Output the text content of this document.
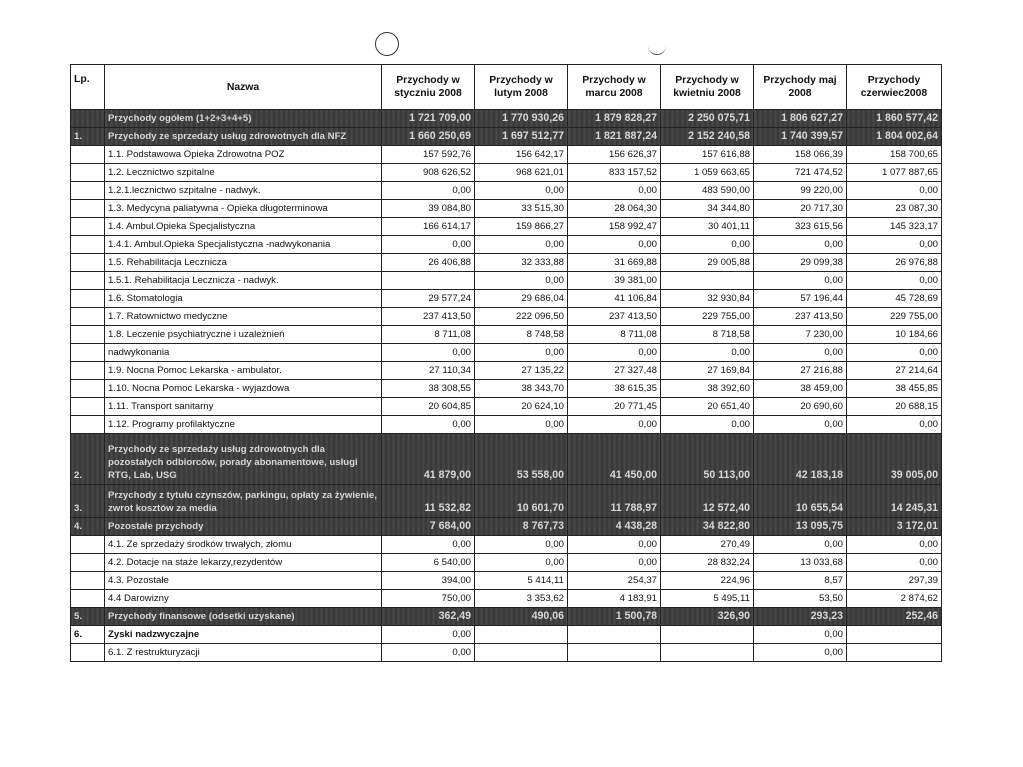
Lp.	Nazwa	Przychody w styczniu 2008	Przychody w lutym 2008	Przychody w marcu 2008	Przychody w kwietniu 2008	Przychody maj 2008	Przychody czerwiec2008
	Przychody ogółem (1+2+3+4+5)	1 721 709,00	1 770 930,26	1 879 828,27	2 250 075,71	1 806 627,27	1 860 577,42
1.	Przychody ze sprzedaży usług zdrowotnych dla NFZ	1 660 250,69	1 697 512,77	1 821 887,24	2 152 240,58	1 740 399,57	1 804 002,64
	1.1. Podstawowa Opieka Zdrowotna POZ	157 592,76	156 642,17	156 626,37	157 616,88	158 066,39	158 700,65
	1.2. Lecznictwo szpitalne	908 626,52	968 621,01	833 157,52	1 059 663,65	721 474,52	1 077 887,65
	1.2.1.lecznictwo szpitalne - nadwyk.	0,00	0,00	0,00	483 590,00	99 220,00	0,00
	1.3. Medycyna paliatywna - Opieka długoterminowa	39 084,80	33 515,30	28 064,30	34 344,80	20 717,30	23 087,30
	1.4. Ambul.Opieka Specjalistyczna	166 614,17	159 866,27	158 992,47	30 401,11	323 615,56	145 323,17
	1.4.1. Ambul.Opieka Specjalistyczna -nadwykonania	0,00	0,00	0,00	0,00	0,00	0,00
	1.5. Rehabilitacja Lecznicza	26 406,88	32 333,88	31 669,88	29 005,88	29 099,38	26 976,88
	1.5.1. Rehabilitacja Lecznicza - nadwyk.		0,00	39 381,00		0,00	0,00
	1.6. Stomatologia	29 577,24	29 686,04	41 106,84	32 930,84	57 196,44	45 728,69
	1.7. Ratownictwo medyczne	237 413,50	222 096,50	237 413,50	229 755,00	237 413,50	229 755,00
	1.8. Leczenie psychiatryczne i uzależnień	8 711,08	8 748,58	8 711,08	8 718,58	7 230,00	10 184,66
	nadwykonania	0,00	0,00	0,00	0,00	0,00	0,00
	1.9. Nocna Pomoc Lekarska - ambulator.	27 110,34	27 135,22	27 327,48	27 169,84	27 216,88	27 214,64
	1.10. Nocna Pomoc Lekarska - wyjazdowa	38 308,55	38 343,70	38 615,35	38 392,60	38 459,00	38 455,85
	1.11. Transport sanitarny	20 604,85	20 624,10	20 771,45	20 651,40	20 690,60	20 688,15
	1.12. Programy profilaktyczne	0,00	0,00	0,00	0,00	0,00	0,00
2.	Przychody ze sprzedaży usług zdrowotnych dla pozostałych odbiorców, porady abonamentowe, usługi RTG, Lab, USG	41 879,00	53 558,00	41 450,00	50 113,00	42 183,18	39 005,00
3.	Przychody z tytułu czynszów, parkingu, opłaty za żywienie, zwrot kosztów za media	11 532,82	10 601,70	11 788,97	12 572,40	10 655,54	14 245,31
4.	Pozostałe przychody	7 684,00	8 767,73	4 438,28	34 822,80	13 095,75	3 172,01
	4.1. Ze sprzedaży środków trwałych, złomu	0,00	0,00	0,00	270,49	0,00	0,00
	4.2. Dotacje na staże lekarzy,rezydentów	6 540,00	0,00	0,00	28 832,24	13 033,68	0,00
	4.3. Pozostałe	394,00	5 414,11	254,37	224,96	8,57	297,39
	4.4 Darowizny	750,00	3 353,62	4 183,91	5 495,11	53,50	2 874,62
5.	Przychody finansowe (odsetki uzyskane)	362,49	490,06	1 500,78	326,90	293,23	252,46
6.	Zyski nadzwyczajne	0,00				0,00	
	6.1. Z restrukturyzacji	0,00				0,00	
